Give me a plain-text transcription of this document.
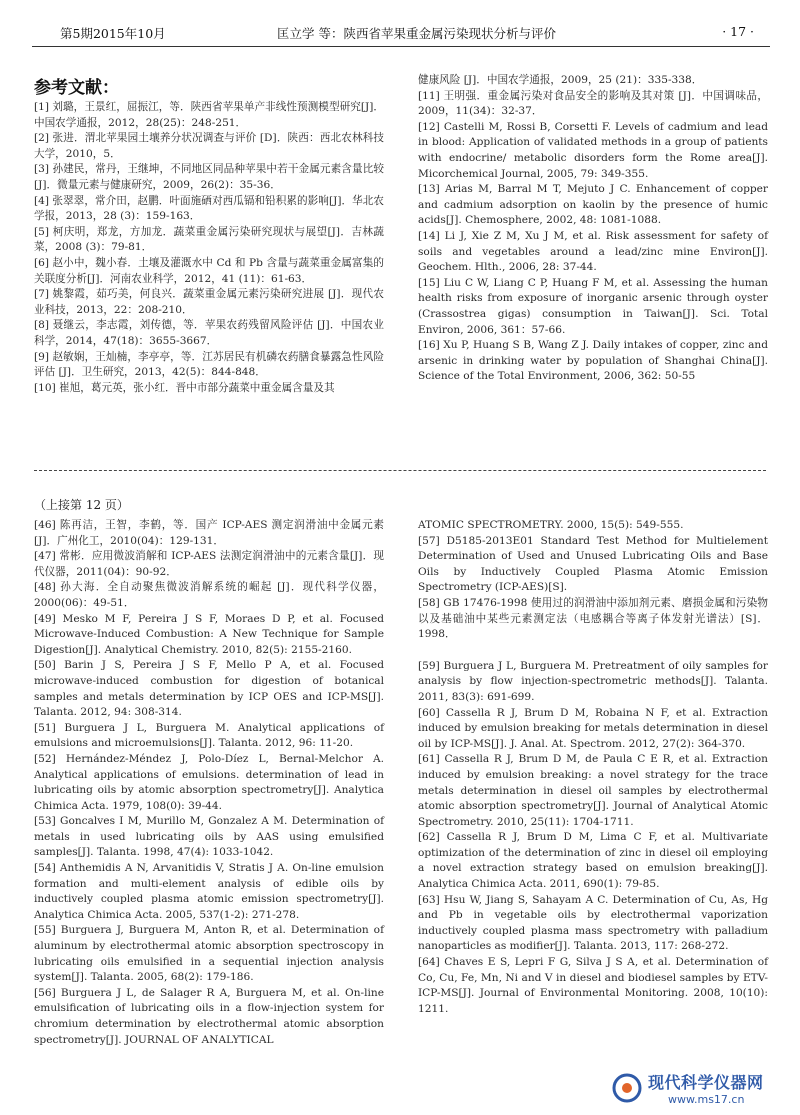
第5期2015年10月	匡立学 等：陕西省苹果重金属污染现状分析与评价	· 17 ·
参考文献：

[1] 刘璐，王景红，屈振江，等．陕西省苹果单产非线性预测模型研究[J]．中国农学通报，2012，28(25)：248-251．

[2] 张进．渭北苹果园土壤养分状况调查与评价 [D]．陕西：西北农林科技大学，2010，5．

[3] 孙建民，常丹，王继坤，不同地区同品种苹果中若干金属元素含量比较 [J]．微量元素与健康研究，2009，26(2)：35-36．

[4] 张翠翠，常介田，赵鹏．叶面施硒对西瓜镉和铅积累的影响[J]．华北农学报，2013，28 (3)：159-163．

[5] 柯庆明，郑龙，方加龙．蔬菜重金属污染研究现状与展望[J]．吉林蔬菜，2008 (3)：79-81．

[6] 赵小中，魏小春．土壤及灌溉水中 Cd 和 Pb 含量与蔬菜重金属富集的关联度分析[J]．河南农业科学，2012，41 (11)：61-63．

[7] 姚黎霞，茹巧美，何良兴．蔬菜重金属元素污染研究进展 [J]．现代农业科技，2013，22：208-210．

[8] 聂继云，李志霞，刘传德，等．苹果农药残留风险评估 [J]．中国农业科学，2014，47(18)：3655-3667．

[9] 赵敏娴，王灿楠，李亭亭，等．江苏居民有机磷农药膳食暴露急性风险评估 [J]．卫生研究，2013，42(5)：844-848．

[10] 崔旭，葛元英，张小红．晋中市部分蔬菜中重金属含量及其

健康风险 [J]．中国农学通报，2009，25 (21)：335-338．

[11] 王明强．重金属污染对食品安全的影响及其对策 [J]．中国调味品，2009，11(34)：32-37．

[12] Castelli M, Rossi B, Corsetti F. Levels of cadmium and lead in blood: Application of validated methods in a group of patients with endocrine/ metabolic disorders form the Rome area[J]. Micorchemical Journal, 2005, 79: 349-355.

[13] Arias M, Barral M T, Mejuto J C. Enhancement of copper and cadmium adsorption on kaolin by the presence of humic acids[J]. Chemosphere, 2002, 48: 1081-1088.

[14] Li J, Xie Z M, Xu J M, et al. Risk assessment for safety of soils and vegetables around a lead/zinc mine Environ[J]. Geochem. Hlth., 2006, 28: 37-44.

[15] Liu C W, Liang C P, Huang F M, et al. Assessing the human health risks from exposure of inorganic arsenic through oyster (Crassostrea gigas) consumption in Taiwan[J]. Sci. Total Environ, 2006, 361：57-66.

[16] Xu P, Huang S B, Wang Z J. Daily intakes of copper, zinc and arsenic in drinking water by population of Shanghai China[J]. Science of the Total Environment, 2006, 362: 50-55

（上接第 12 页）

[46] 陈再洁，王智，李鹤，等．国产 ICP-AES 测定润滑油中金属元素 [J]．广州化工，2010(04)：129-131．

[47] 常彬．应用微波消解和 ICP-AES 法测定润滑油中的元素含量[J]．现代仪器，2011(04)：90-92．

[48] 孙大海．全自动聚焦微波消解系统的崛起 [J]．现代科学仪器，2000(06)：49-51．

[49] Mesko M F, Pereira J S F, Moraes D P, et al. Focused Microwave-Induced Combustion: A New Technique for Sample Digestion[J]. Analytical Chemistry. 2010, 82(5): 2155-2160.

[50] Barin J S, Pereira J S F, Mello P A, et al. Focused microwave-induced combustion for digestion of botanical samples and metals determination by ICP OES and ICP-MS[J]. Talanta. 2012, 94: 308-314.

[51] Burguera J L, Burguera M. Analytical applications of emulsions and microemulsions[J]. Talanta. 2012, 96: 11-20.

[52] Hernández-Méndez J, Polo-Díez L, Bernal-Melchor A. Analytical applications of emulsions. determination of lead in lubricating oils by atomic absorption spectrometry[J]. Analytica Chimica Acta. 1979, 108(0): 39-44.

[53] Goncalves I M, Murillo M, Gonzalez A M. Determination of metals in used lubricating oils by AAS using emulsified samples[J]. Talanta. 1998, 47(4): 1033-1042.

[54] Anthemidis A N, Arvanitidis V, Stratis J A. On-line emulsion formation and multi-element analysis of edible oils by inductively coupled plasma atomic emission spectrometry[J]. Analytica Chimica Acta. 2005, 537(1-2): 271-278.

[55] Burguera J, Burguera M, Anton R, et al. Determination of aluminum by electrothermal atomic absorption spectroscopy in lubricating oils emulsified in a sequential injection analysis system[J]. Talanta. 2005, 68(2): 179-186.

[56] Burguera J L, de Salager R A, Burguera M, et al. On-line emulsification of lubricating oils in a flow-injection system for chromium determination by electrothermal atomic absorption spectrometry[J]. JOURNAL OF ANALYTICAL

ATOMIC SPECTROMETRY. 2000, 15(5): 549-555.

[57] D5185-2013E01 Standard Test Method for Multielement Determination of Used and Unused Lubricating Oils and Base Oils by Inductively Coupled Plasma Atomic Emission Spectrometry (ICP-AES)[S].

[58] GB 17476-1998 使用过的润滑油中添加剂元素、磨损金属和污染物以及基础油中某些元素测定法（电感耦合等离子体发射光谱法）[S]．1998．

[59] Burguera J L, Burguera M. Pretreatment of oily samples for analysis by flow injection-spectrometric methods[J]. Talanta. 2011, 83(3): 691-699.

[60] Cassella R J, Brum D M, Robaina N F, et al. Extraction induced by emulsion breaking for metals determination in diesel oil by ICP-MS[J]. J. Anal. At. Spectrom. 2012, 27(2): 364-370.

[61] Cassella R J, Brum D M, de Paula C E R, et al. Extraction induced by emulsion breaking: a novel strategy for the trace metals determination in diesel oil samples by electrothermal atomic absorption spectrometry[J]. Journal of Analytical Atomic Spectrometry. 2010, 25(11): 1704-1711.

[62] Cassella R J, Brum D M, Lima C F, et al. Multivariate optimization of the determination of zinc in diesel oil employing a novel extraction strategy based on emulsion breaking[J]. Analytica Chimica Acta. 2011, 690(1): 79-85.

[63] Hsu W, Jiang S, Sahayam A C. Determination of Cu, As, Hg and Pb in vegetable oils by electrothermal vaporization inductively coupled plasma mass spectrometry with palladium nanoparticles as modifier[J]. Talanta. 2013, 117: 268-272.

[64] Chaves E S, Lepri F G, Silva J S A, et al. Determination of Co, Cu, Fe, Mn, Ni and V in diesel and biodiesel samples by ETV-ICP-MS[J]. Journal of Environmental Monitoring. 2008, 10(10): 1211.

现代科学仪器网
www.ms17.cn
